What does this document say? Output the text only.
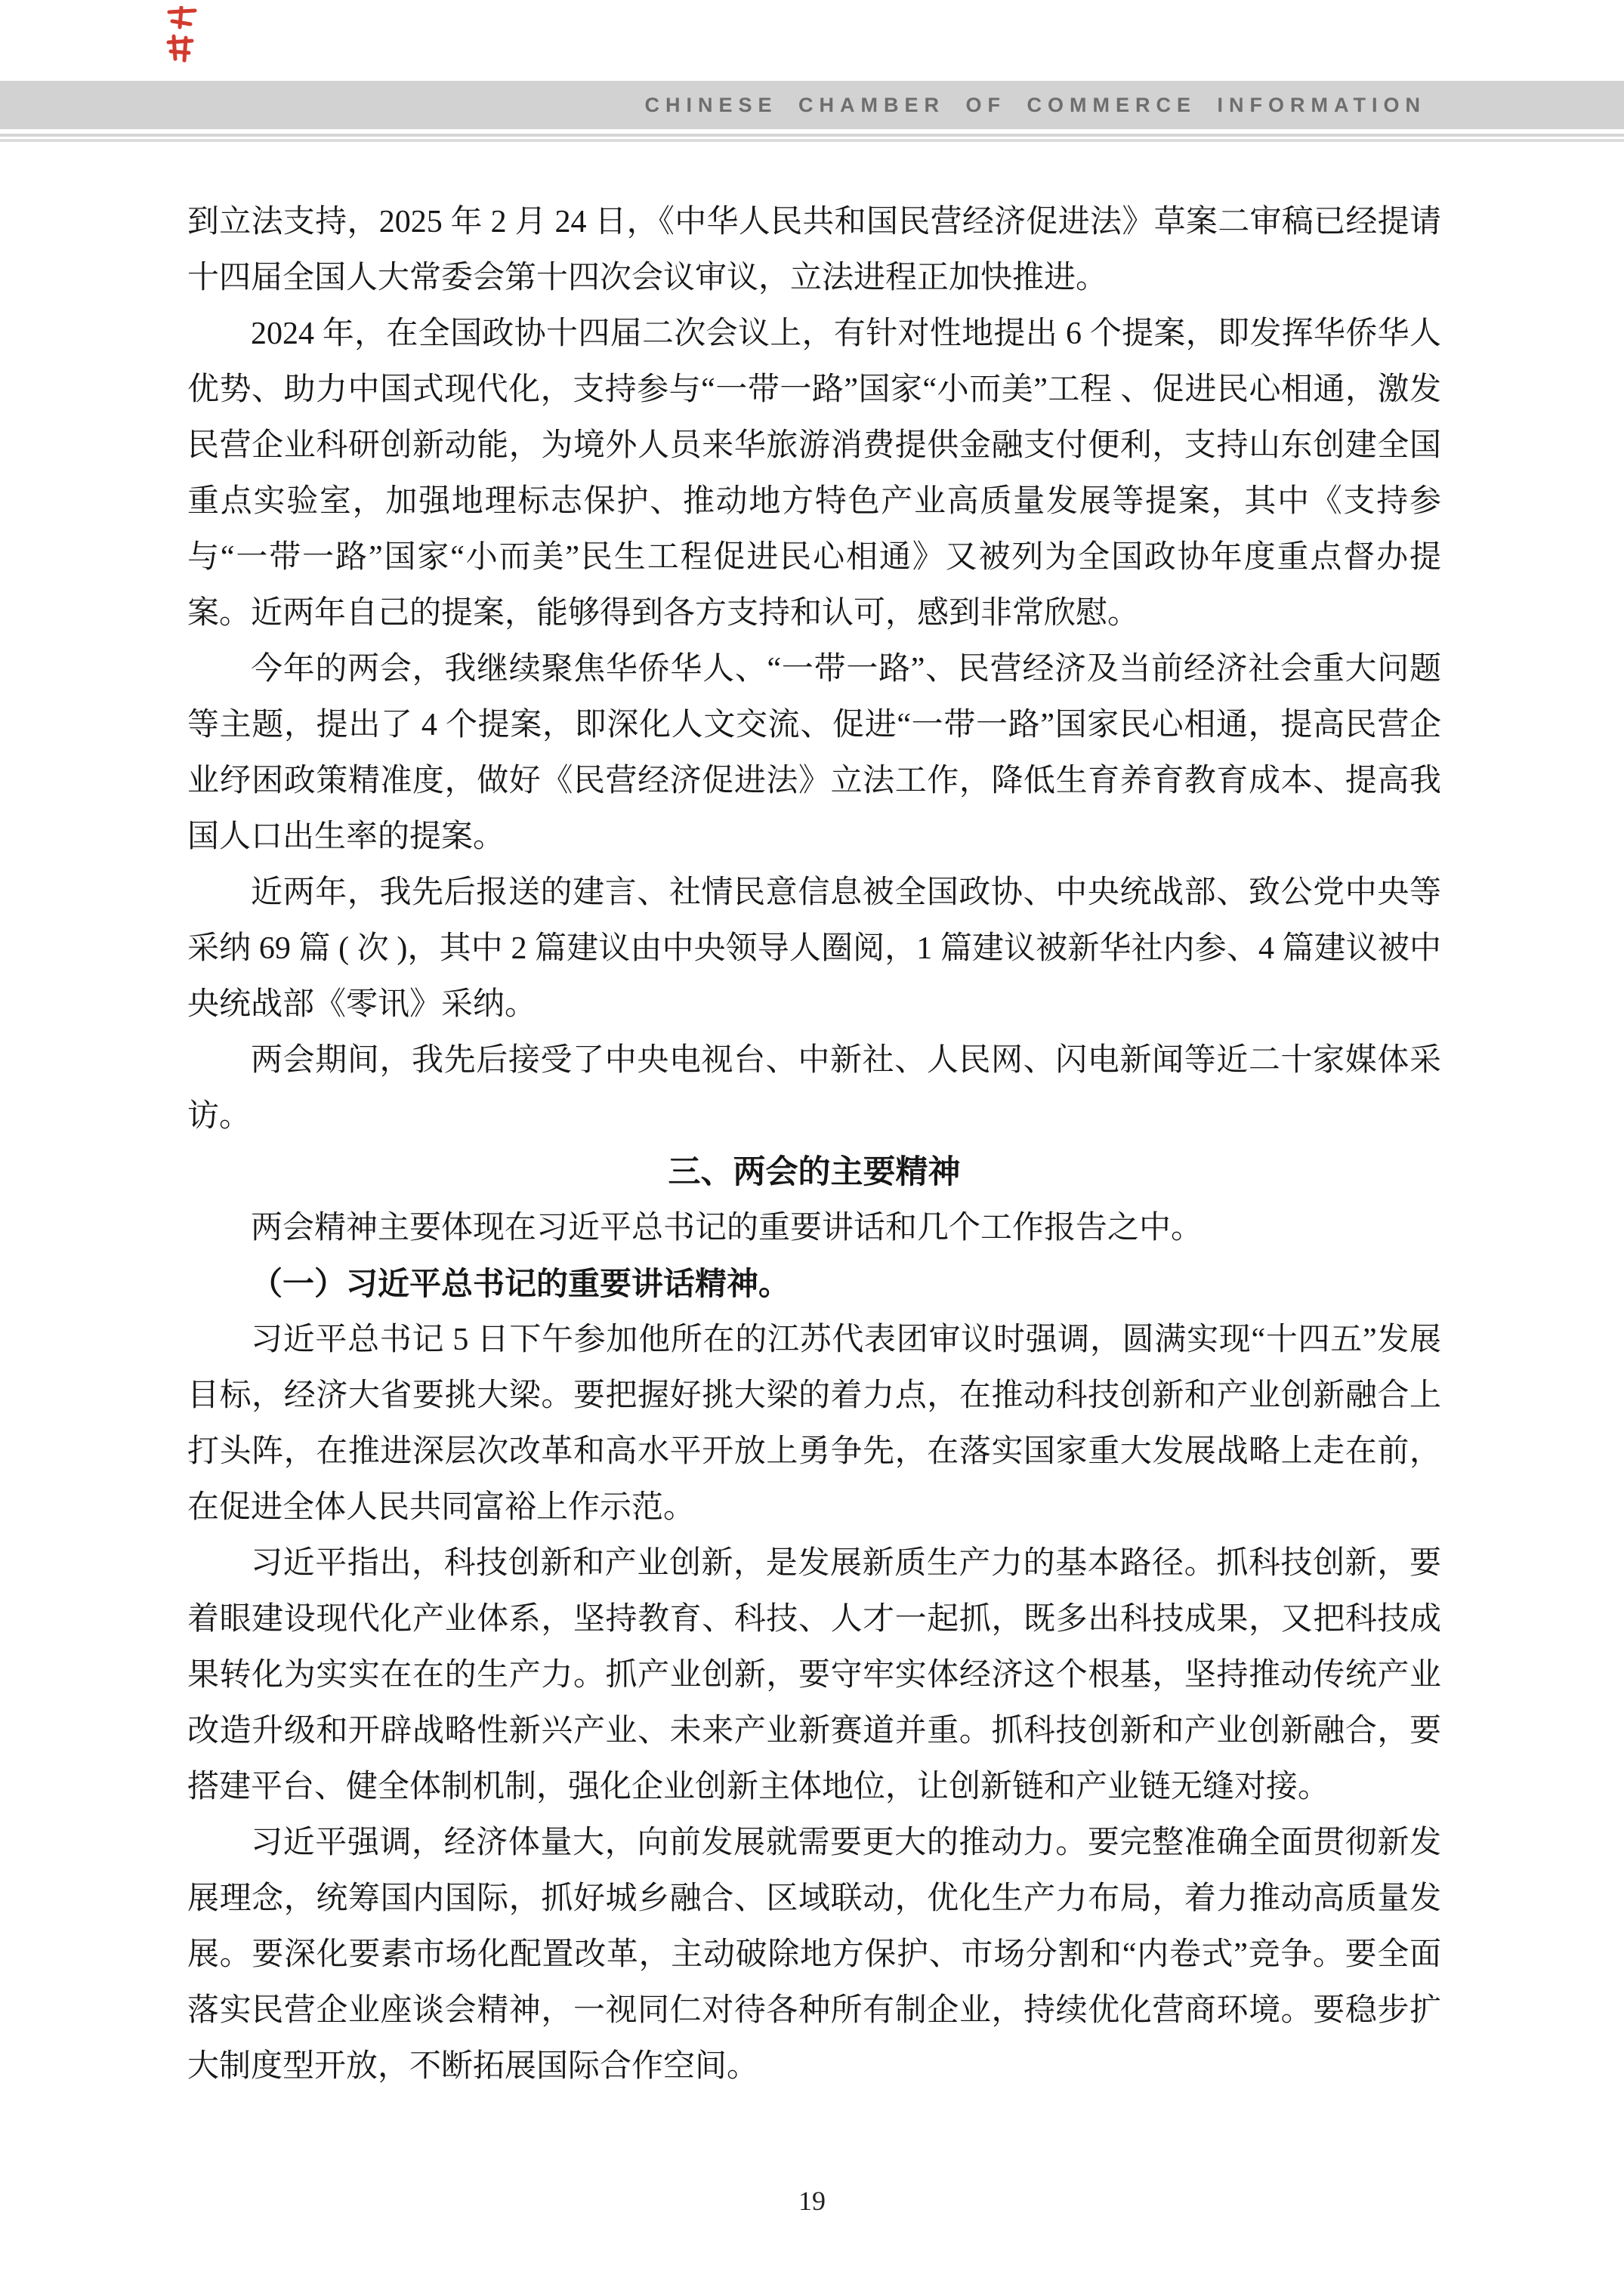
CHINESE CHAMBER OF COMMERCE INFORMATION

到立法支持，2025 年 2 月 24 日，《中华人民共和国民营经济促进法》草案二审稿已经提请十四届全国人大常委会第十四次会议审议，立法进程正加快推进。

2024 年，在全国政协十四届二次会议上，有针对性地提出 6 个提案，即发挥华侨华人优势、助力中国式现代化，支持参与“一带一路”国家“小而美”工程 、促进民心相通，激发民营企业科研创新动能，为境外人员来华旅游消费提供金融支付便利，支持山东创建全国重点实验室，加强地理标志保护、推动地方特色产业高质量发展等提案，其中《支持参与“一带一路”国家“小而美”民生工程促进民心相通》又被列为全国政协年度重点督办提案。近两年自己的提案，能够得到各方支持和认可，感到非常欣慰。

今年的两会，我继续聚焦华侨华人、“一带一路”、民营经济及当前经济社会重大问题等主题，提出了 4 个提案，即深化人文交流、促进“一带一路”国家民心相通，提高民营企业纾困政策精准度，做好《民营经济促进法》立法工作，降低生育养育教育成本、提高我国人口出生率的提案。

近两年，我先后报送的建言、社情民意信息被全国政协、中央统战部、致公党中央等采纳 69 篇 ( 次 )，其中 2 篇建议由中央领导人圈阅，1 篇建议被新华社内参、4 篇建议被中央统战部《零讯》采纳。

两会期间，我先后接受了中央电视台、中新社、人民网、闪电新闻等近二十家媒体采访。

三、两会的主要精神

两会精神主要体现在习近平总书记的重要讲话和几个工作报告之中。

（一）习近平总书记的重要讲话精神。

习近平总书记 5 日下午参加他所在的江苏代表团审议时强调，圆满实现“十四五”发展目标，经济大省要挑大梁。要把握好挑大梁的着力点，在推动科技创新和产业创新融合上打头阵，在推进深层次改革和高水平开放上勇争先，在落实国家重大发展战略上走在前，在促进全体人民共同富裕上作示范。

习近平指出，科技创新和产业创新，是发展新质生产力的基本路径。抓科技创新，要着眼建设现代化产业体系，坚持教育、科技、人才一起抓，既多出科技成果，又把科技成果转化为实实在在的生产力。抓产业创新，要守牢实体经济这个根基，坚持推动传统产业改造升级和开辟战略性新兴产业、未来产业新赛道并重。抓科技创新和产业创新融合，要搭建平台、健全体制机制，强化企业创新主体地位，让创新链和产业链无缝对接。

习近平强调，经济体量大，向前发展就需要更大的推动力。要完整准确全面贯彻新发展理念，统筹国内国际，抓好城乡融合、区域联动，优化生产力布局，着力推动高质量发展。要深化要素市场化配置改革，主动破除地方保护、市场分割和“内卷式”竞争。要全面落实民营企业座谈会精神，一视同仁对待各种所有制企业，持续优化营商环境。要稳步扩大制度型开放，不断拓展国际合作空间。

19
